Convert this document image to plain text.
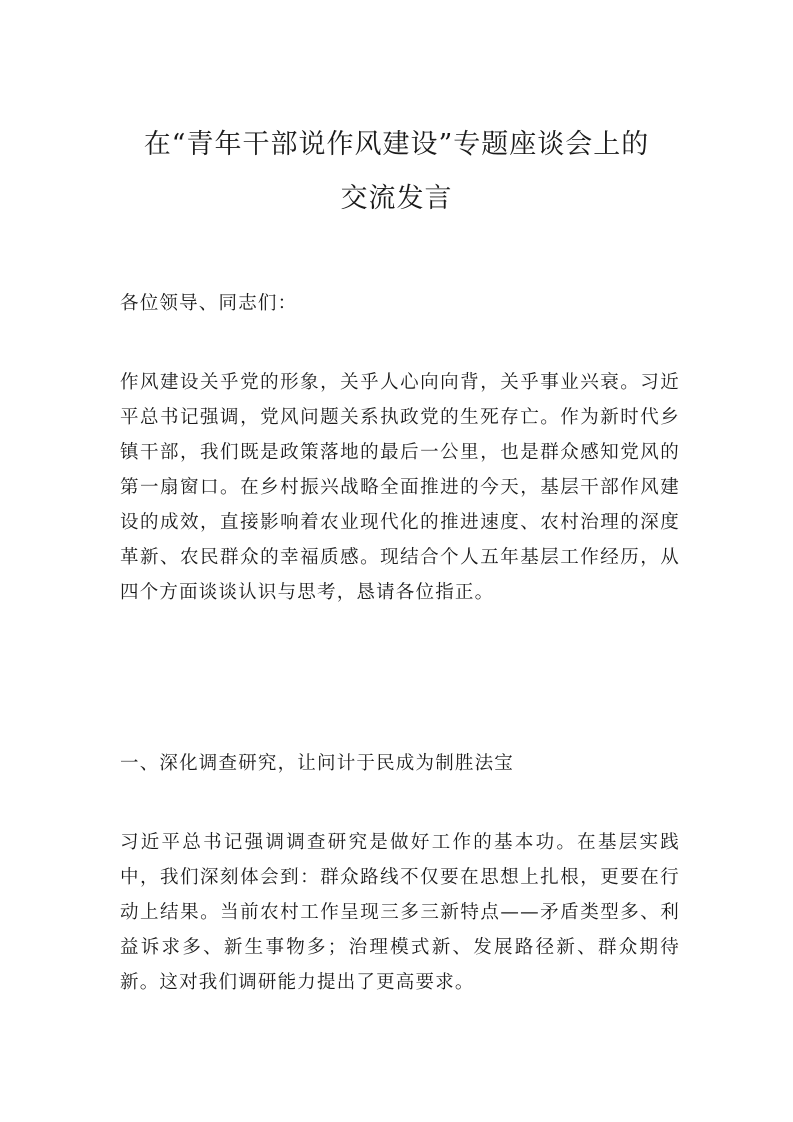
在“青年干部说作风建设”专题座谈会上的
交流发言

各位领导、同志们：

作风建设关乎党的形象，关乎人心向向背，关乎事业兴衰。习近平总书记强调，党风问题关系执政党的生死存亡。作为新时代乡镇干部，我们既是政策落地的最后一公里，也是群众感知党风的第一扇窗口。在乡村振兴战略全面推进的今天，基层干部作风建设的成效，直接影响着农业现代化的推进速度、农村治理的深度革新、农民群众的幸福质感。现结合个人五年基层工作经历，从四个方面谈谈认识与思考，恳请各位指正。

一、深化调查研究，让问计于民成为制胜法宝

习近平总书记强调调查研究是做好工作的基本功。在基层实践中，我们深刻体会到：群众路线不仅要在思想上扎根，更要在行动上结果。当前农村工作呈现三多三新特点——矛盾类型多、利益诉求多、新生事物多；治理模式新、发展路径新、群众期待新。这对我们调研能力提出了更高要求。
